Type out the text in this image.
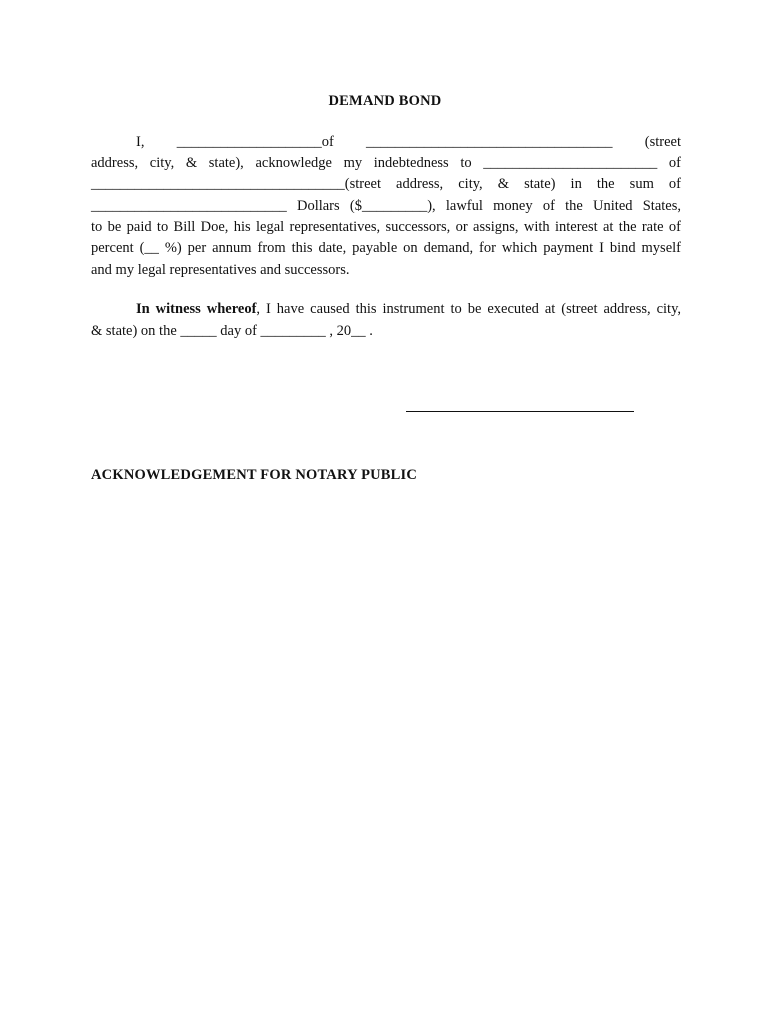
DEMAND BOND
I, ____________________of __________________________________ (street
address, city, & state), acknowledge my indebtedness to ________________________ of
___________________________________(street address, city, & state) in the sum of
___________________________ Dollars ($_________), lawful money of the United States,
to be paid to Bill Doe, his legal representatives, successors, or assigns, with interest at the rate of
percent (__ %) per annum from this date, payable on demand, for which payment I bind myself
and my legal representatives and successors.
In witness whereof, I have caused this instrument to be executed at (street address, city,
& state) on the _____ day of _________ , 20__ .
ACKNOWLEDGEMENT FOR NOTARY PUBLIC
